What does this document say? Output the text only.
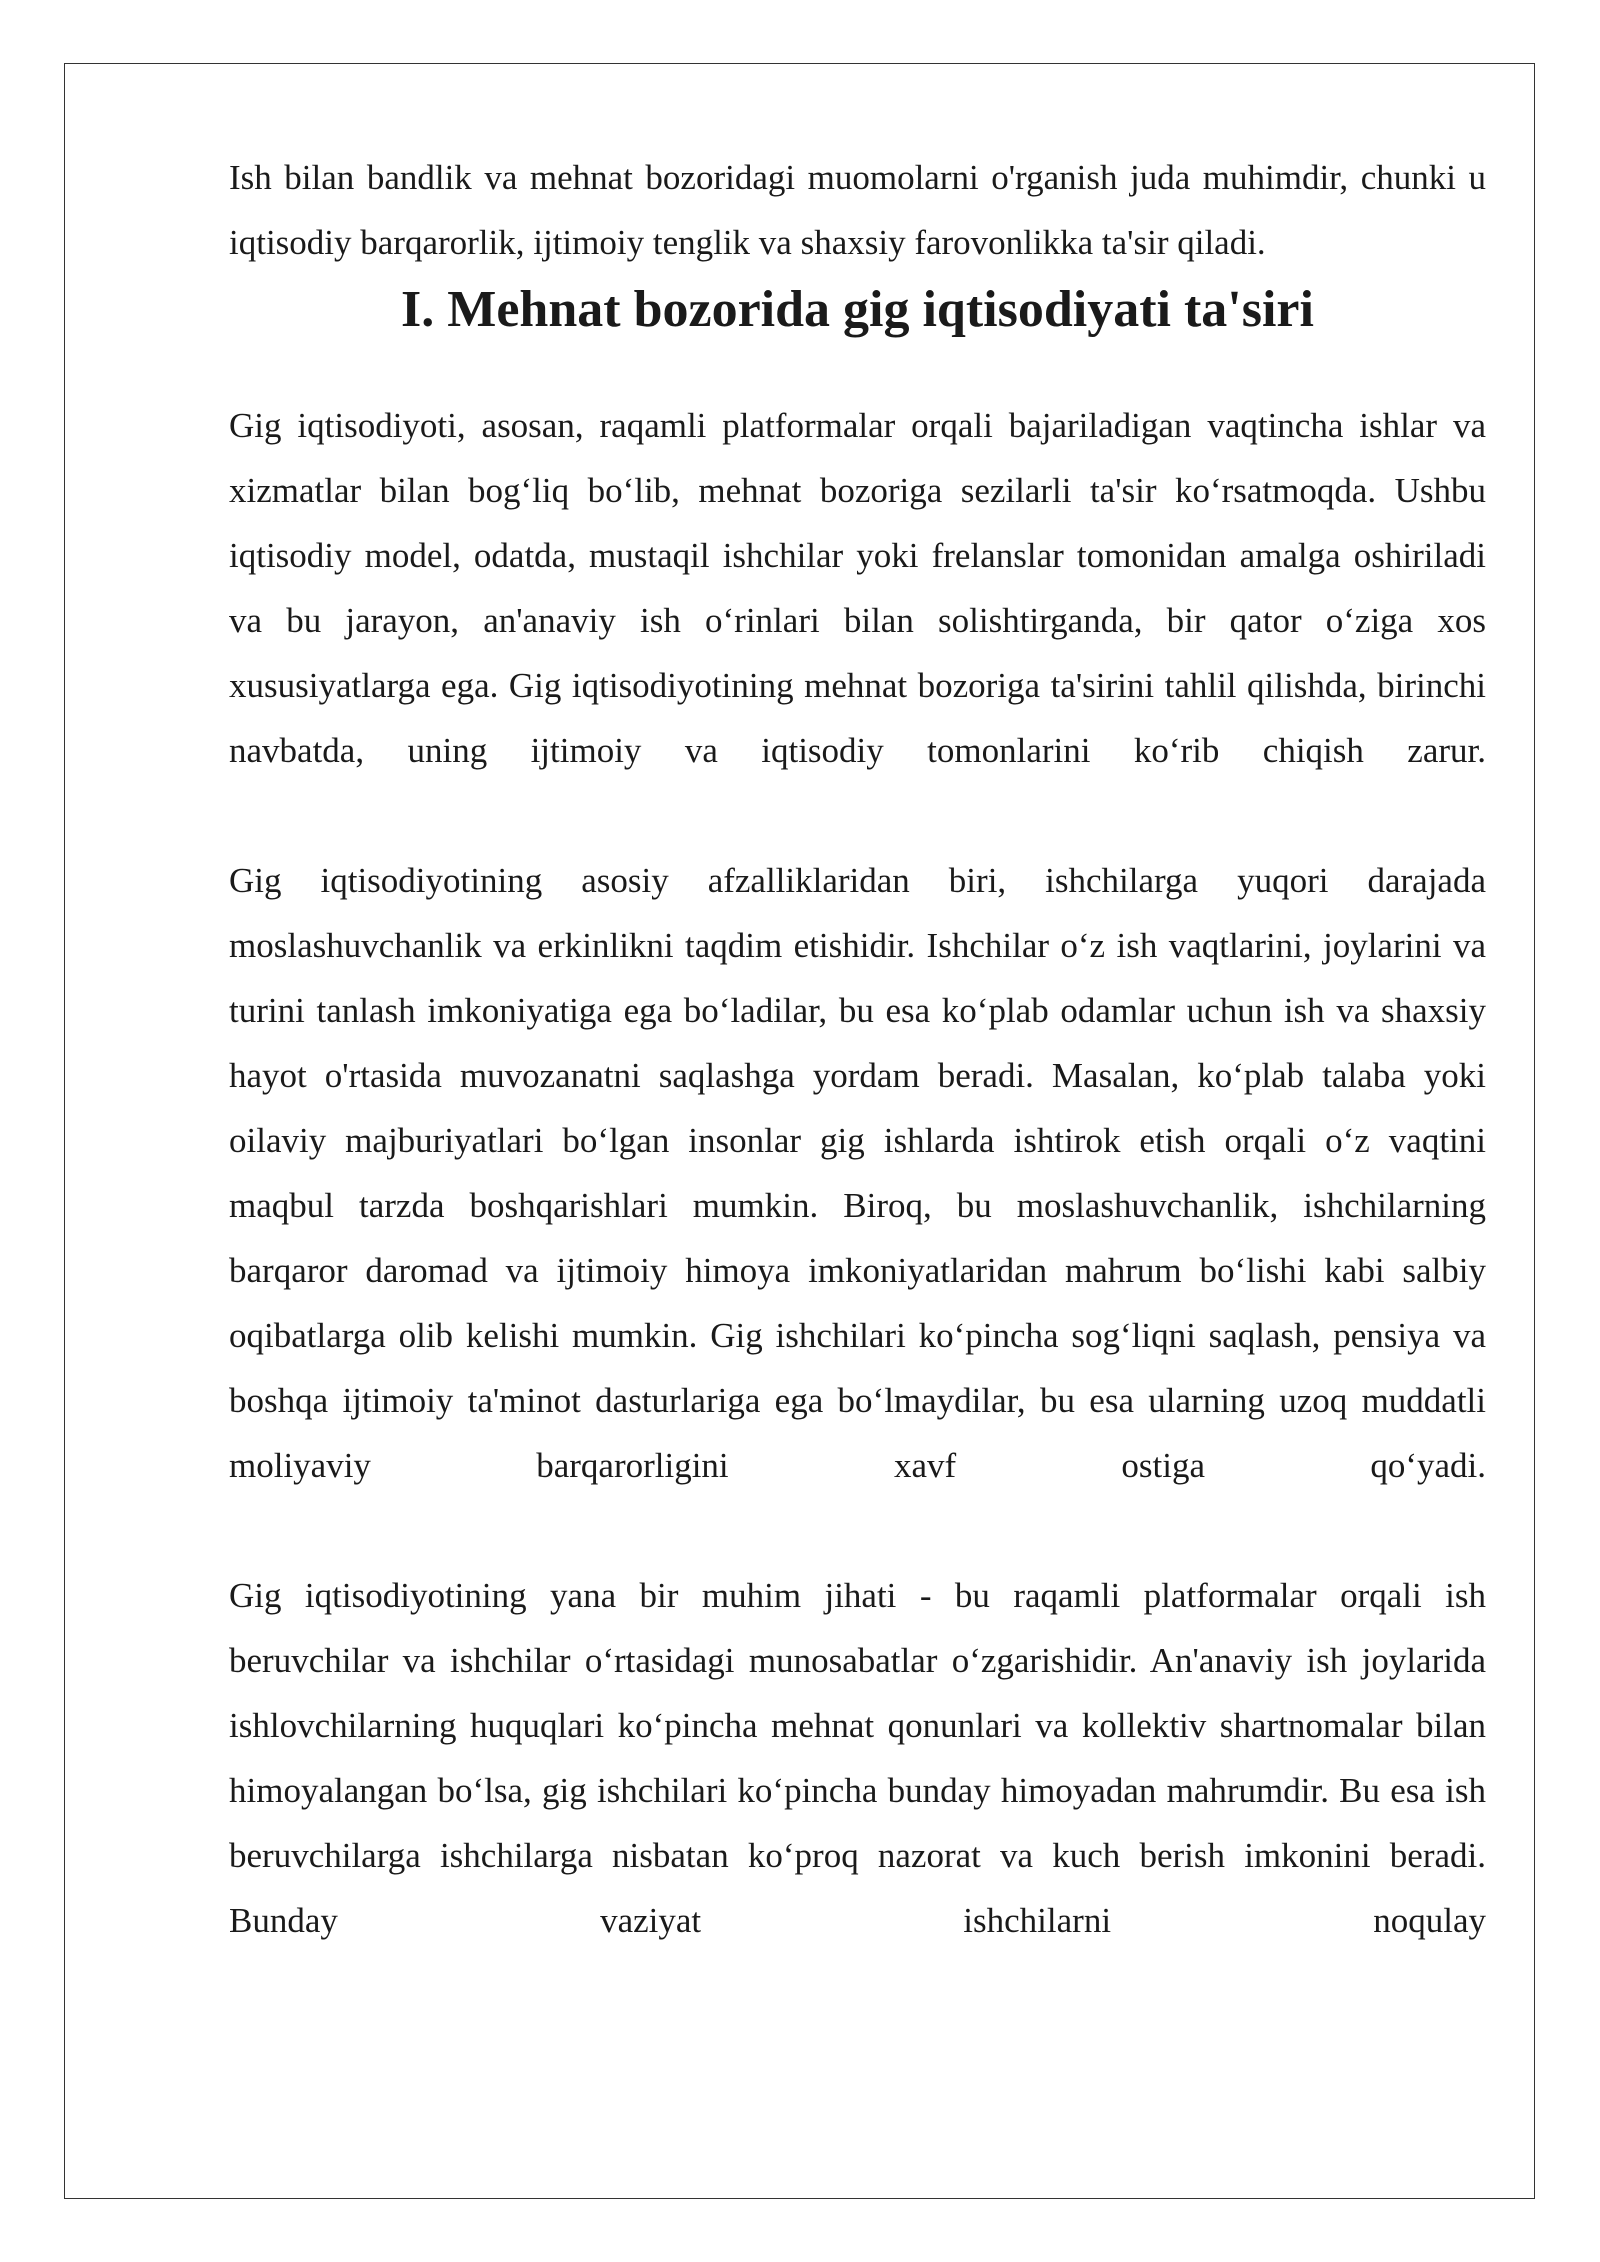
Ish bilan bandlik va mehnat bozoridagi muomolarni o'rganish juda muhimdir, chunki u iqtisodiy barqarorlik, ijtimoiy tenglik va shaxsiy farovonlikka ta'sir qiladi.

I. Mehnat bozorida gig iqtisodiyati ta'siri

Gig iqtisodiyoti, asosan, raqamli platformalar orqali bajariladigan vaqtincha ishlar va xizmatlar bilan bog‘liq bo‘lib, mehnat bozoriga sezilarli ta'sir ko‘rsatmoqda. Ushbu iqtisodiy model, odatda, mustaqil ishchilar yoki frelanslar tomonidan amalga oshiriladi va bu jarayon, an'anaviy ish o‘rinlari bilan solishtirganda, bir qator o‘ziga xos xususiyatlarga ega. Gig iqtisodiyotining mehnat bozoriga ta'sirini tahlil qilishda, birinchi navbatda, uning ijtimoiy va iqtisodiy tomonlarini ko‘rib chiqish zarur.

Gig iqtisodiyotining asosiy afzalliklaridan biri, ishchilarga yuqori darajada moslashuvchanlik va erkinlikni taqdim etishidir. Ishchilar o‘z ish vaqtlarini, joylarini va turini tanlash imkoniyatiga ega bo‘ladilar, bu esa ko‘plab odamlar uchun ish va shaxsiy hayot o'rtasida muvozanatni saqlashga yordam beradi. Masalan, ko‘plab talaba yoki oilaviy majburiyatlari bo‘lgan insonlar gig ishlarda ishtirok etish orqali o‘z vaqtini maqbul tarzda boshqarishlari mumkin. Biroq, bu moslashuvchanlik, ishchilarning barqaror daromad va ijtimoiy himoya imkoniyatlaridan mahrum bo‘lishi kabi salbiy oqibatlarga olib kelishi mumkin. Gig ishchilari ko‘pincha sog‘liqni saqlash, pensiya va boshqa ijtimoiy ta'minot dasturlariga ega bo‘lmaydilar, bu esa ularning uzoq muddatli moliyaviy barqarorligini xavf ostiga qo‘yadi.

Gig iqtisodiyotining yana bir muhim jihati - bu raqamli platformalar orqali ish beruvchilar va ishchilar o‘rtasidagi munosabatlar o‘zgarishidir. An'anaviy ish joylarida ishlovchilarning huquqlari ko‘pincha mehnat qonunlari va kollektiv shartnomalar bilan himoyalangan bo‘lsa, gig ishchilari ko‘pincha bunday himoyadan mahrumdir. Bu esa ish beruvchilarga ishchilarga nisbatan ko‘proq nazorat va kuch berish imkonini beradi. Bunday vaziyat ishchilarni noqulay
